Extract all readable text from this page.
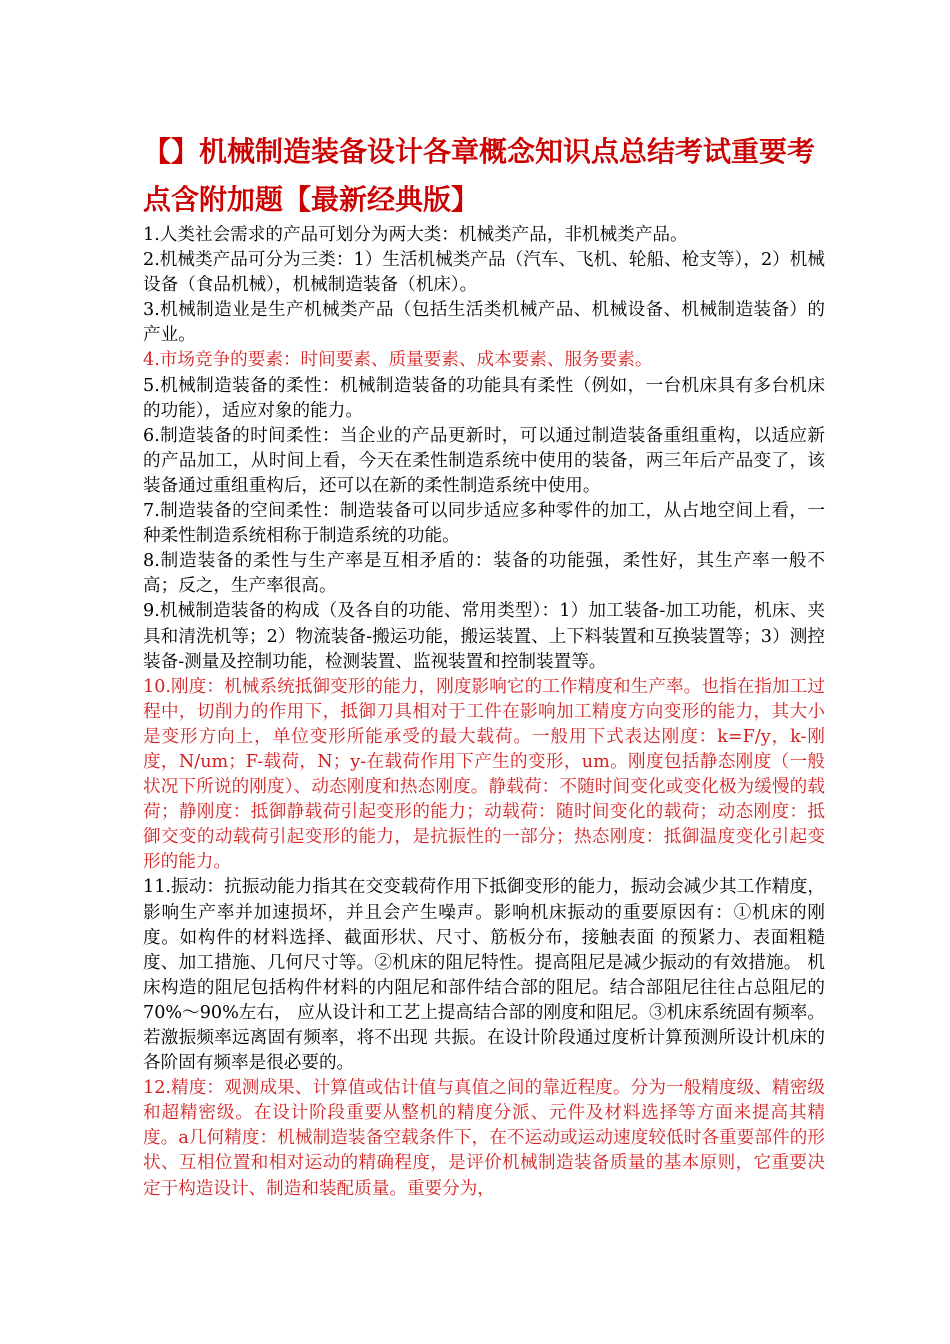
【】机械制造装备设计各章概念知识点总结考试重要考点含附加题【最新经典版】

1.人类社会需求的产品可划分为两大类：机械类产品，非机械类产品。

2.机械类产品可分为三类：1）生活机械类产品（汽车、飞机、轮船、枪支等），2）机械设备（食品机械），机械制造装备（机床）。

3.机械制造业是生产机械类产品（包括生活类机械产品、机械设备、机械制造装备）的产业。

4.市场竞争的要素：时间要素、质量要素、成本要素、服务要素。

5.机械制造装备的柔性：机械制造装备的功能具有柔性（例如，一台机床具有多台机床的功能），适应对象的能力。

6.制造装备的时间柔性：当企业的产品更新时，可以通过制造装备重组重构，以适应新的产品加工，从时间上看，今天在柔性制造系统中使用的装备，两三年后产品变了，该装备通过重组重构后，还可以在新的柔性制造系统中使用。

7.制造装备的空间柔性：制造装备可以同步适应多种零件的加工，从占地空间上看，一种柔性制造系统相称于制造系统的功能。

8.制造装备的柔性与生产率是互相矛盾的：装备的功能强，柔性好，其生产率一般不高；反之，生产率很高。

9.机械制造装备的构成（及各自的功能、常用类型）：1）加工装备-加工功能，机床、夹具和清洗机等；2）物流装备-搬运功能，搬运装置、上下料装置和互换装置等；3）测控装备-测量及控制功能，检测装置、监视装置和控制装置等。

10.刚度：机械系统抵御变形的能力，刚度影响它的工作精度和生产率。也指在指加工过程中，切削力的作用下，抵御刀具相对于工件在影响加工精度方向变形的能力，其大小是变形方向上，单位变形所能承受的最大载荷。一般用下式表达刚度：k=F/y，k-刚度，N/um；F-载荷，N；y-在载荷作用下产生的变形，um。刚度包括静态刚度（一般状况下所说的刚度）、动态刚度和热态刚度。静载荷：不随时间变化或变化极为缓慢的载荷；静刚度：抵御静载荷引起变形的能力；动载荷：随时间变化的载荷；动态刚度：抵御交变的动载荷引起变形的能力，是抗振性的一部分；热态刚度：抵御温度变化引起变形的能力。

11.振动：抗振动能力指其在交变载荷作用下抵御变形的能力，振动会减少其工作精度，影响生产率并加速损坏，并且会产生噪声。影响机床振动的重要原因有：①机床的刚度。如构件的材料选择、截面形状、尺寸、筋板分布，接触表面 的预紧力、表面粗糙度、加工措施、几何尺寸等。②机床的阻尼特性。提高阻尼是减少振动的有效措施。 机床构造的阻尼包括构件材料的内阻尼和部件结合部的阻尼。结合部阻尼往往占总阻尼的 70%～90%左右， 应从设计和工艺上提高结合部的刚度和阻尼。③机床系统固有频率。若激振频率远离固有频率，将不出现 共振。在设计阶段通过度析计算预测所设计机床的各阶固有频率是很必要的。

12.精度：观测成果、计算值或估计值与真值之间的靠近程度。分为一般精度级、精密级和超精密级。在设计阶段重要从整机的精度分派、元件及材料选择等方面来提高其精度。a几何精度：机械制造装备空载条件下，在不运动或运动速度较低时各重要部件的形状、互相位置和相对运动的精确程度，是评价机械制造装备质量的基本原则，它重要决定于构造设计、制造和装配质量。重要分为，
